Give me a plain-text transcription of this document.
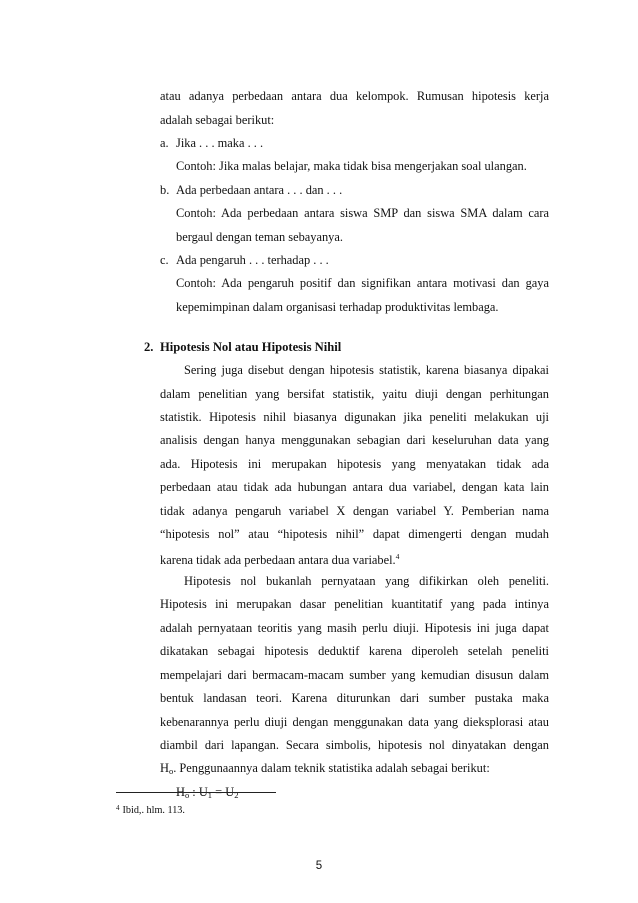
atau adanya perbedaan antara dua kelompok. Rumusan hipotesis kerja
adalah sebagai berikut:
a. Jika . . . maka . . .
Contoh: Jika malas belajar, maka tidak bisa mengerjakan soal ulangan.
b. Ada perbedaan antara . . . dan . . .
Contoh: Ada perbedaan antara siswa SMP dan siswa SMA dalam cara
bergaul dengan teman sebayanya.
c. Ada pengaruh . . . terhadap . . .
Contoh: Ada pengaruh positif dan signifikan antara motivasi dan gaya
kepemimpinan dalam organisasi terhadap produktivitas lembaga.
2. Hipotesis Nol atau Hipotesis Nihil
Sering juga disebut dengan hipotesis statistik, karena biasanya dipakai
dalam penelitian yang bersifat statistik, yaitu diuji dengan perhitungan
statistik. Hipotesis nihil biasanya digunakan jika peneliti melakukan uji
analisis dengan hanya menggunakan sebagian dari keseluruhan data yang
ada. Hipotesis ini merupakan hipotesis yang menyatakan tidak ada
perbedaan atau tidak ada hubungan antara dua variabel, dengan kata lain
tidak adanya pengaruh variabel X dengan variabel Y. Pemberian nama
“hipotesis nol” atau “hipotesis nihil” dapat dimengerti dengan mudah
karena tidak ada perbedaan antara dua variabel.$^4$
Hipotesis nol bukanlah pernyataan yang difikirkan oleh peneliti.
Hipotesis ini merupakan dasar penelitian kuantitatif yang pada intinya
adalah pernyataan teoritis yang masih perlu diuji. Hipotesis ini juga dapat
dikatakan sebagai hipotesis deduktif karena diperoleh setelah peneliti
mempelajari dari bermacam-macam sumber yang kemudian disusun dalam
bentuk landasan teori. Karena diturunkan dari sumber pustaka maka
kebenarannya perlu diuji dengan menggunakan data yang dieksplorasi atau
diambil dari lapangan. Secara simbolis, hipotesis nol dinyatakan dengan
$H_o$. Penggunaannya dalam teknik statistika adalah sebagai berikut:
$H_o$ : $U_1 = U_2$
$^4$ Ibid,. hlm. 113.
5
